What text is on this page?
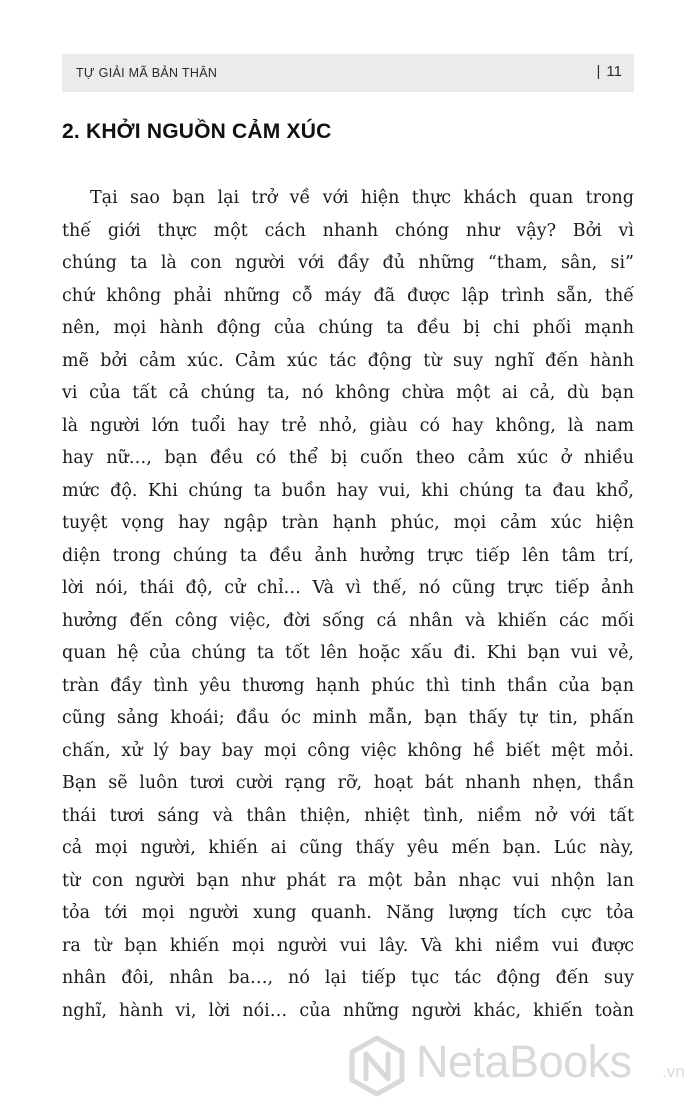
TỰ GIẢI MÃ BẢN THÂN	| 11
2. KHỞI NGUỒN CẢM XÚC
Tại sao bạn lại trở về với hiện thực khách quan trong
thế giới thực một cách nhanh chóng như vậy? Bởi vì
chúng ta là con người với đầy đủ những “tham, sân, si”
chứ không phải những cỗ máy đã được lập trình sẵn, thế
nên, mọi hành động của chúng ta đều bị chi phối mạnh
mẽ bởi cảm xúc. Cảm xúc tác động từ suy nghĩ đến hành
vi của tất cả chúng ta, nó không chừa một ai cả, dù bạn
là người lớn tuổi hay trẻ nhỏ, giàu có hay không, là nam
hay nữ…, bạn đều có thể bị cuốn theo cảm xúc ở nhiều
mức độ. Khi chúng ta buồn hay vui, khi chúng ta đau khổ,
tuyệt vọng hay ngập tràn hạnh phúc, mọi cảm xúc hiện
diện trong chúng ta đều ảnh hưởng trực tiếp lên tâm trí,
lời nói, thái độ, cử chỉ… Và vì thế, nó cũng trực tiếp ảnh
hưởng đến công việc, đời sống cá nhân và khiến các mối
quan hệ của chúng ta tốt lên hoặc xấu đi. Khi bạn vui vẻ,
tràn đầy tình yêu thương hạnh phúc thì tinh thần của bạn
cũng sảng khoái; đầu óc minh mẫn, bạn thấy tự tin, phấn
chấn, xử lý bay bay mọi công việc không hề biết mệt mỏi.
Bạn sẽ luôn tươi cười rạng rỡ, hoạt bát nhanh nhẹn, thần
thái tươi sáng và thân thiện, nhiệt tình, niềm nở với tất
cả mọi người, khiến ai cũng thấy yêu mến bạn. Lúc này,
từ con người bạn như phát ra một bản nhạc vui nhộn lan
tỏa tới mọi người xung quanh. Năng lượng tích cực tỏa
ra từ bạn khiến mọi người vui lây. Và khi niềm vui được
nhân đôi, nhân ba…, nó lại tiếp tục tác động đến suy
nghĩ, hành vi, lời nói… của những người khác, khiến toàn
NetaBooks .vn
